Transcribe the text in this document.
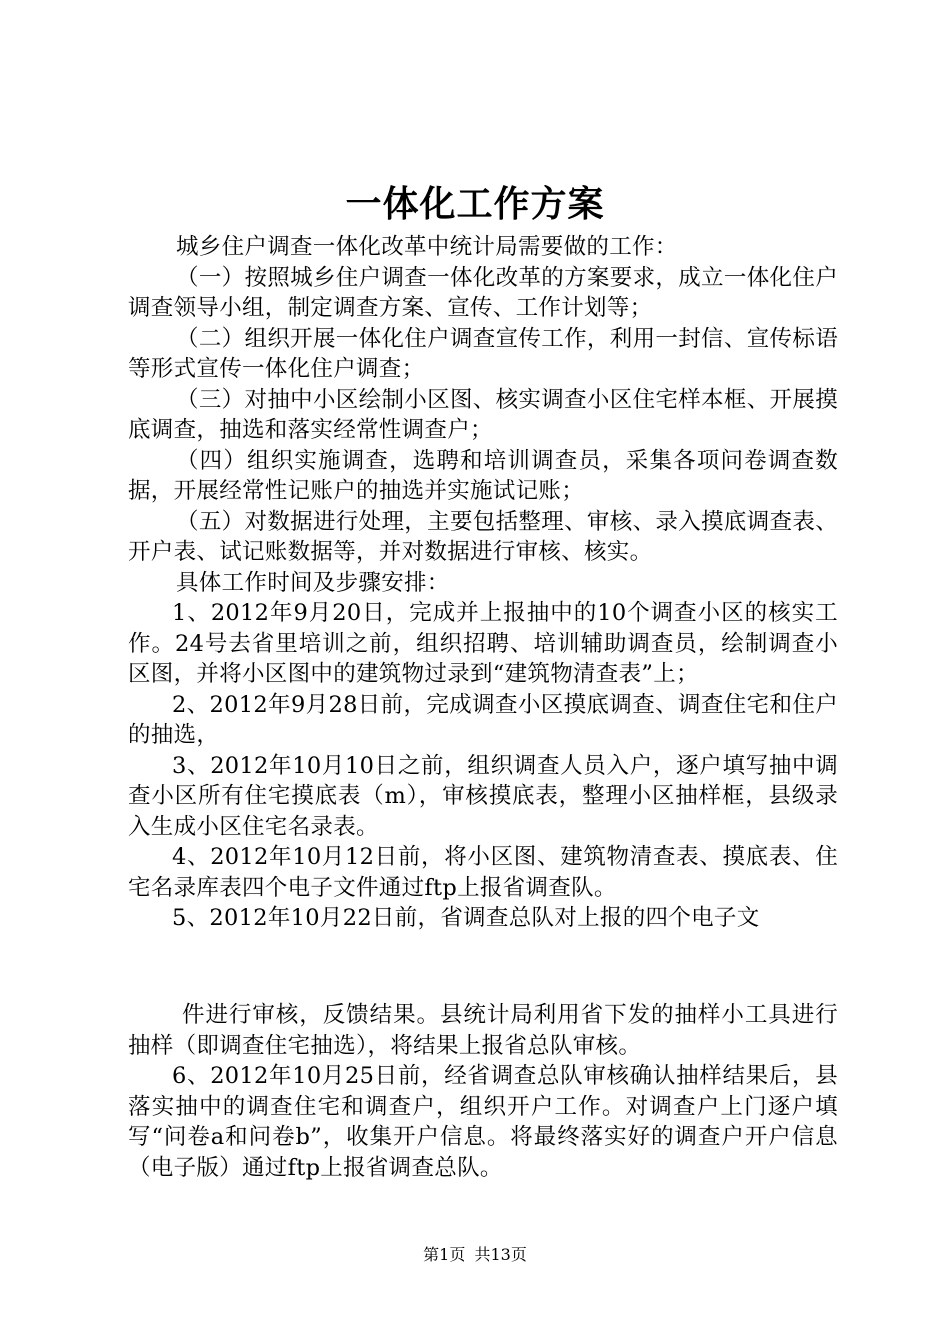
一体化工作方案

城乡住户调查一体化改革中统计局需要做的工作：

（一）按照城乡住户调查一体化改革的方案要求，成立一体化住户调查领导小组，制定调查方案、宣传、工作计划等；

（二）组织开展一体化住户调查宣传工作，利用一封信、宣传标语等形式宣传一体化住户调查；

（三）对抽中小区绘制小区图、核实调查小区住宅样本框、开展摸底调查，抽选和落实经常性调查户；

（四）组织实施调查，选聘和培训调查员，采集各项问卷调查数据，开展经常性记账户的抽选并实施试记账；

（五）对数据进行处理，主要包括整理、审核、录入摸底调查表、开户表、试记账数据等，并对数据进行审核、核实。

具体工作时间及步骤安排：

1、2012年9月20日，完成并上报抽中的10个调查小区的核实工作。24号去省里培训之前，组织招聘、培训辅助调查员，绘制调查小区图，并将小区图中的建筑物过录到“建筑物清查表”上；

2、2012年9月28日前，完成调查小区摸底调查、调查住宅和住户的抽选，

3、2012年10月10日之前，组织调查人员入户，逐户填写抽中调查小区所有住宅摸底表（m），审核摸底表，整理小区抽样框，县级录入生成小区住宅名录表。

4、2012年10月12日前，将小区图、建筑物清查表、摸底表、住宅名录库表四个电子文件通过ftp上报省调查队。

5、2012年10月22日前，省调查总队对上报的四个电子文

件进行审核，反馈结果。县统计局利用省下发的抽样小工具进行抽样（即调查住宅抽选），将结果上报省总队审核。

6、2012年10月25日前，经省调查总队审核确认抽样结果后，县落实抽中的调查住宅和调查户，组织开户工作。对调查户上门逐户填写“问卷a和问卷b”，收集开户信息。将最终落实好的调查户开户信息（电子版）通过ftp上报省调查总队。

第1页 共13页
